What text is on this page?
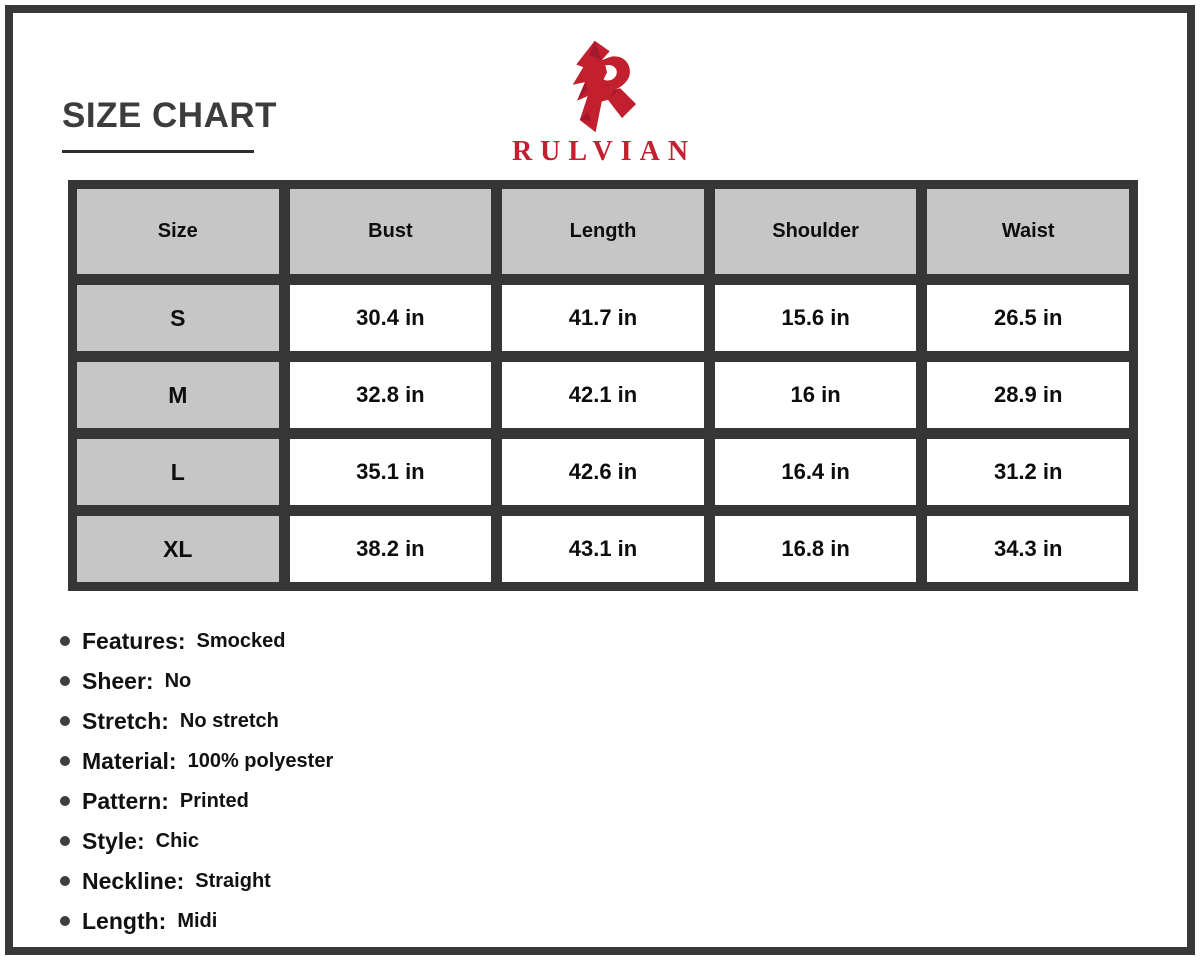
SIZE CHART
RULVIAN
Size	Bust	Length	Shoulder	Waist
S	30.4 in	41.7 in	15.6 in	26.5 in
M	32.8 in	42.1 in	16 in	28.9 in
L	35.1 in	42.6 in	16.4 in	31.2 in
XL	38.2 in	43.1 in	16.8 in	34.3 in
Features: Smocked
Sheer: No
Stretch: No stretch
Material: 100% polyester
Pattern: Printed
Style: Chic
Neckline: Straight
Length: Midi
